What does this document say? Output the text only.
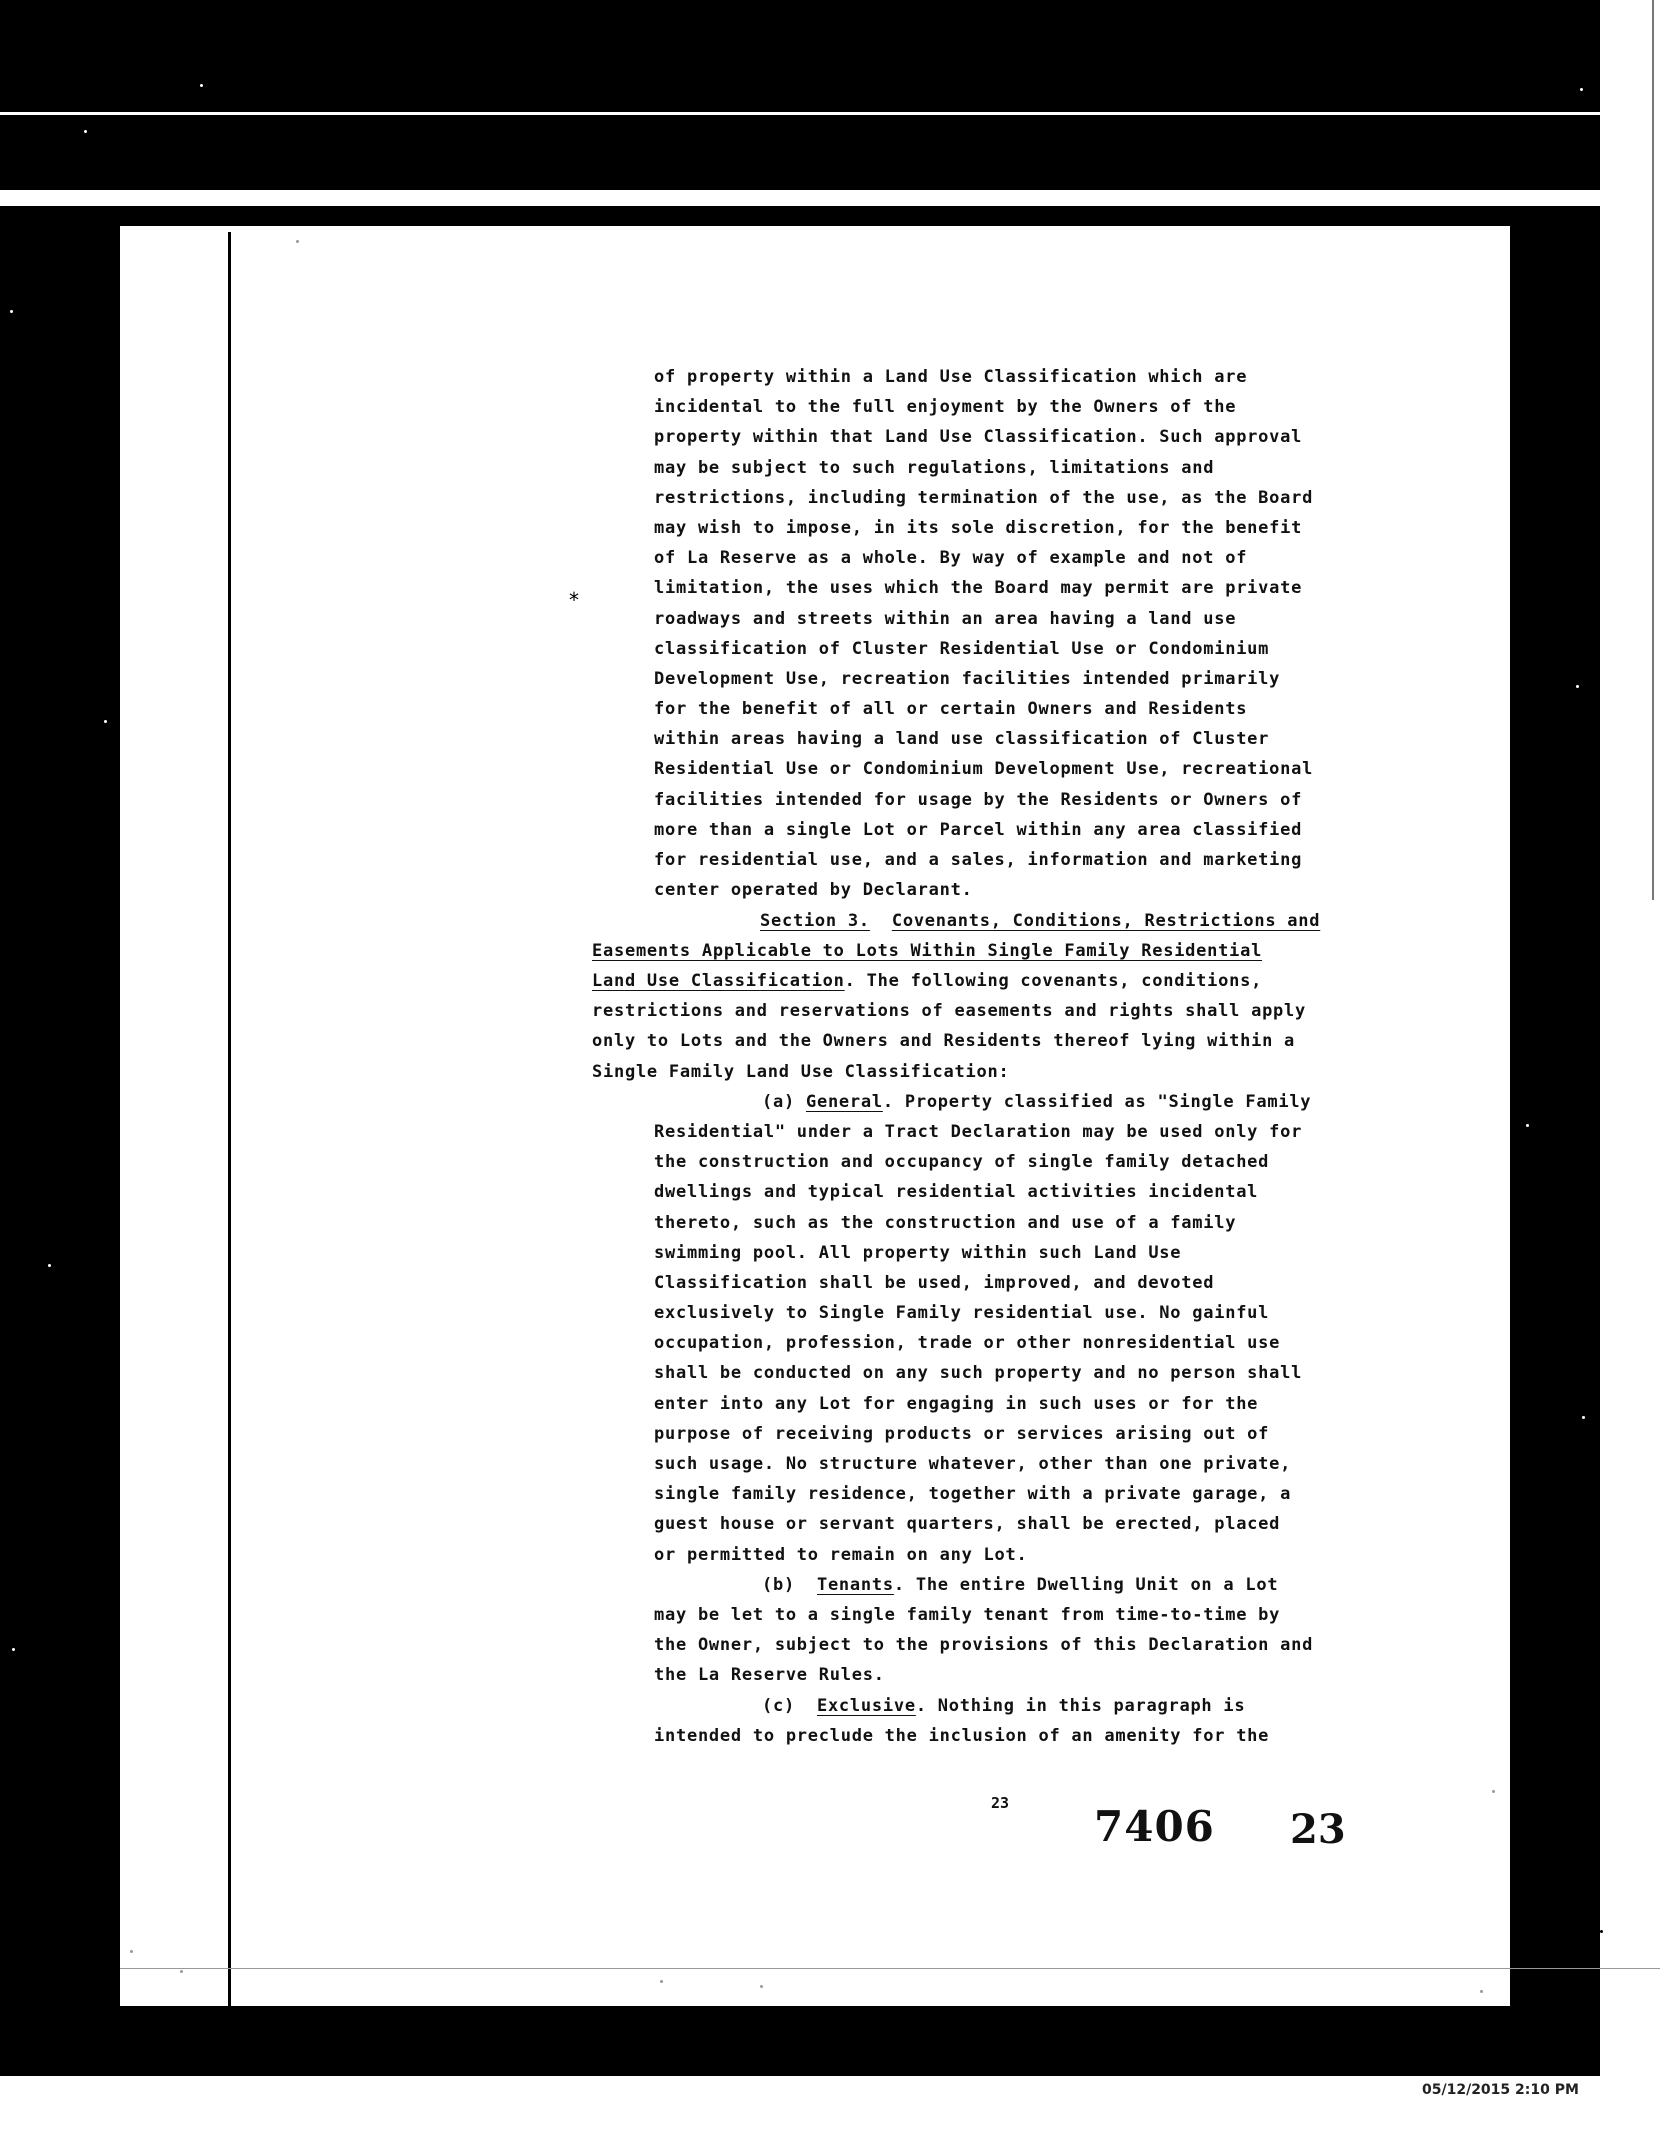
*
of property within a Land Use Classification which are
incidental to the full enjoyment by the Owners of the
property within that Land Use Classification. Such approval
may be subject to such regulations, limitations and
restrictions, including termination of the use, as the Board
may wish to impose, in its sole discretion, for the benefit
of La Reserve as a whole. By way of example and not of
limitation, the uses which the Board may permit are private
roadways and streets within an area having a land use
classification of Cluster Residential Use or Condominium
Development Use, recreation facilities intended primarily
for the benefit of all or certain Owners and Residents
within areas having a land use classification of Cluster
Residential Use or Condominium Development Use, recreational
facilities intended for usage by the Residents or Owners of
more than a single Lot or Parcel within any area classified
for residential use, and a sales, information and marketing
center operated by Declarant.
Section 3. Covenants, Conditions, Restrictions and
Easements Applicable to Lots Within Single Family Residential
Land Use Classification. The following covenants, conditions,
restrictions and reservations of easements and rights shall apply
only to Lots and the Owners and Residents thereof lying within a
Single Family Land Use Classification:
(a) General. Property classified as "Single Family
Residential" under a Tract Declaration may be used only for
the construction and occupancy of single family detached
dwellings and typical residential activities incidental
thereto, such as the construction and use of a family
swimming pool. All property within such Land Use
Classification shall be used, improved, and devoted
exclusively to Single Family residential use. No gainful
occupation, profession, trade or other nonresidential use
shall be conducted on any such property and no person shall
enter into any Lot for engaging in such uses or for the
purpose of receiving products or services arising out of
such usage. No structure whatever, other than one private,
single family residence, together with a private garage, a
guest house or servant quarters, shall be erected, placed
or permitted to remain on any Lot.
(b) Tenants. The entire Dwelling Unit on a Lot
may be let to a single family tenant from time-to-time by
the Owner, subject to the provisions of this Declaration and
the La Reserve Rules.
(c) Exclusive. Nothing in this paragraph is
intended to preclude the inclusion of an amenity for the
23 7406 23
05/12/2015 2:10 PM
